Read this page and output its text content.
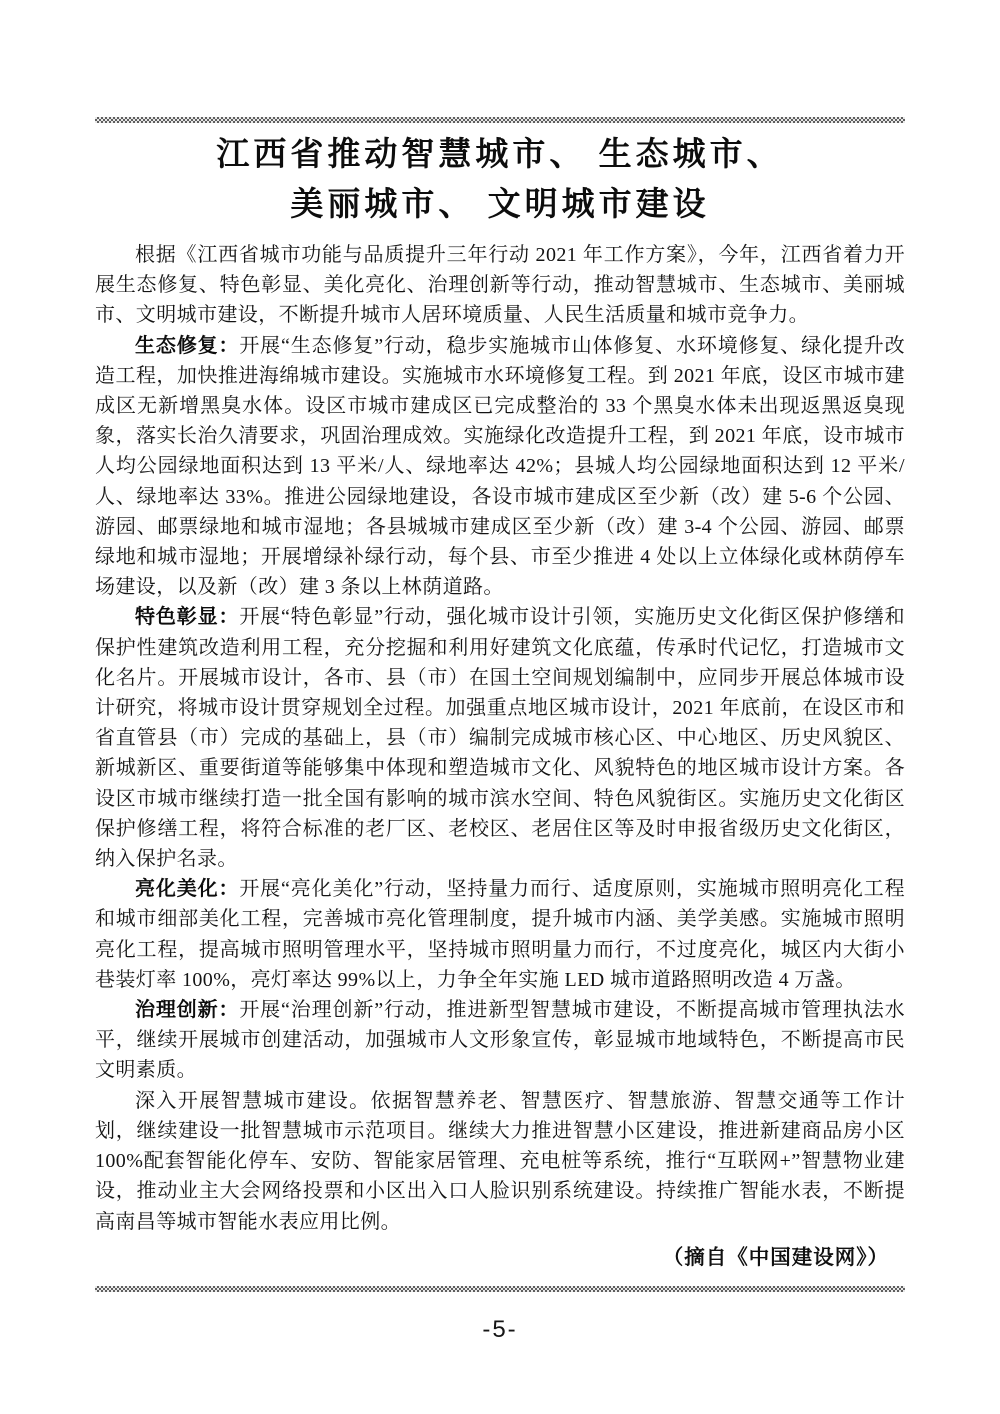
江西省推动智慧城市、 生态城市、
美丽城市、 文明城市建设

根据《江西省城市功能与品质提升三年行动 2021 年工作方案》，今年，江西省着力开展生态修复、特色彰显、美化亮化、治理创新等行动，推动智慧城市、生态城市、美丽城市、文明城市建设，不断提升城市人居环境质量、人民生活质量和城市竞争力。

生态修复：开展“生态修复”行动，稳步实施城市山体修复、水环境修复、绿化提升改造工程，加快推进海绵城市建设。实施城市水环境修复工程。到 2021 年底，设区市城市建成区无新增黑臭水体。设区市城市建成区已完成整治的 33 个黑臭水体未出现返黑返臭现象，落实长治久清要求，巩固治理成效。实施绿化改造提升工程，到 2021 年底，设市城市人均公园绿地面积达到 13 平米/人、绿地率达 42%；县城人均公园绿地面积达到 12 平米/人、绿地率达 33%。推进公园绿地建设，各设市城市建成区至少新（改）建 5-6 个公园、游园、邮票绿地和城市湿地；各县城城市建成区至少新（改）建 3-4 个公园、游园、邮票绿地和城市湿地；开展增绿补绿行动，每个县、市至少推进 4 处以上立体绿化或林荫停车场建设，以及新（改）建 3 条以上林荫道路。

特色彰显：开展“特色彰显”行动，强化城市设计引领，实施历史文化街区保护修缮和保护性建筑改造利用工程，充分挖掘和利用好建筑文化底蕴，传承时代记忆，打造城市文化名片。开展城市设计，各市、县（市）在国土空间规划编制中，应同步开展总体城市设计研究，将城市设计贯穿规划全过程。加强重点地区城市设计，2021 年底前，在设区市和省直管县（市）完成的基础上，县（市）编制完成城市核心区、中心地区、历史风貌区、新城新区、重要街道等能够集中体现和塑造城市文化、风貌特色的地区城市设计方案。各设区市城市继续打造一批全国有影响的城市滨水空间、特色风貌街区。实施历史文化街区保护修缮工程，将符合标准的老厂区、老校区、老居住区等及时申报省级历史文化街区，纳入保护名录。

亮化美化：开展“亮化美化”行动，坚持量力而行、适度原则，实施城市照明亮化工程和城市细部美化工程，完善城市亮化管理制度，提升城市内涵、美学美感。实施城市照明亮化工程，提高城市照明管理水平，坚持城市照明量力而行，不过度亮化，城区内大街小巷装灯率 100%，亮灯率达 99%以上，力争全年实施 LED 城市道路照明改造 4 万盏。

治理创新：开展“治理创新”行动，推进新型智慧城市建设，不断提高城市管理执法水平，继续开展城市创建活动，加强城市人文形象宣传，彰显城市地域特色，不断提高市民文明素质。

深入开展智慧城市建设。依据智慧养老、智慧医疗、智慧旅游、智慧交通等工作计划，继续建设一批智慧城市示范项目。继续大力推进智慧小区建设，推进新建商品房小区 100%配套智能化停车、安防、智能家居管理、充电桩等系统，推行“互联网+”智慧物业建设，推动业主大会网络投票和小区出入口人脸识别系统建设。持续推广智能水表，不断提高南昌等城市智能水表应用比例。

（摘自《中国建设网》）
-5-
